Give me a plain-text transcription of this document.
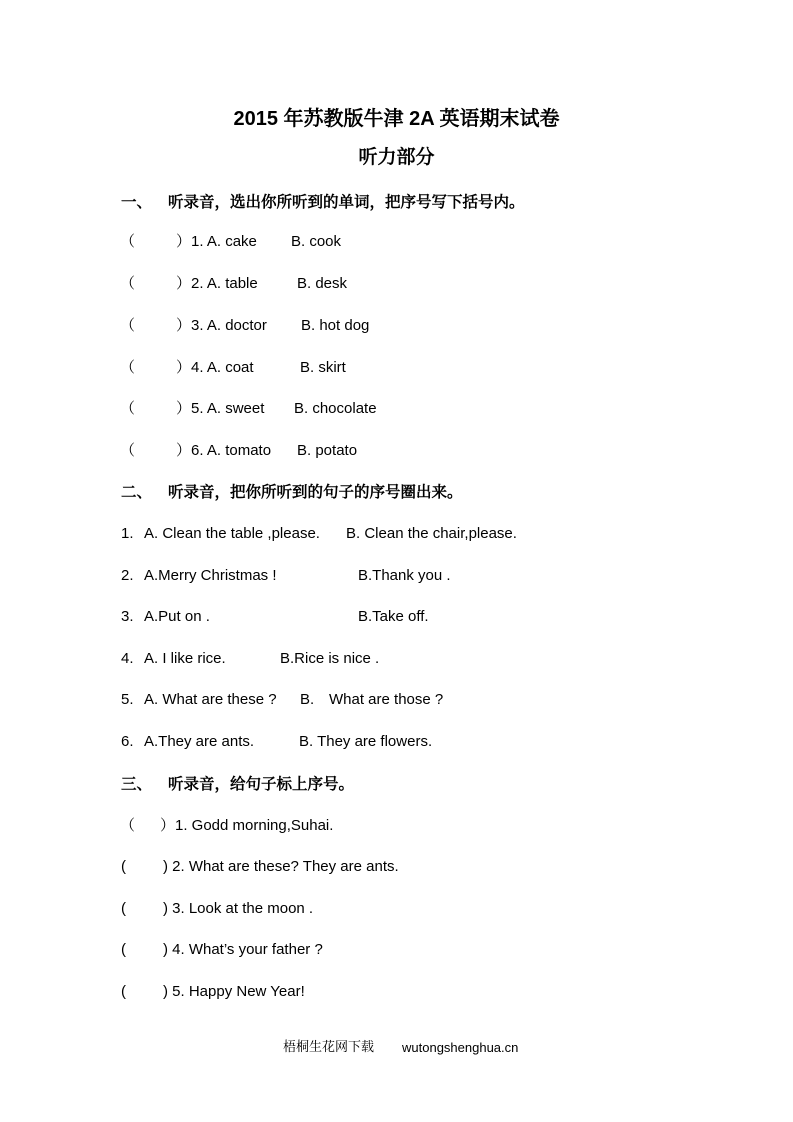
2015 年苏教版牛津 2A 英语期末试卷
听力部分
一、 听录音，选出你所听到的单词，把序号写下括号内。
（	）1. A. cake B. cook
（	）2. A. table	B. desk
（	）3. A. doctor B. hot dog
（	）4. A. coat	B. skirt
（	）5. A. sweet B. chocolate
（	）6. A. tomato B. potato
二、 听录音，把你所听到的句子的序号圈出来。
1. A. Clean the table ,please. B. Clean the chair,please.
2. A.Merry Christmas !	B.Thank you .
3. A.Put on .	B.Take off.
4. A. I like rice.	B.Rice is nice .
5. A. What are these ? B. What are those ?
6. A.They are ants.	B. They are flowers.
三、 听录音，给句子标上序号。
（ ）1. Godd morning,Suhai.
( ) 2. What are these? They are ants.
( ) 3. Look at the moon .
( ) 4. What’s your father ?
( ) 5. Happy New Year!
梧桐生花网下载 wutongshenghua.cn
